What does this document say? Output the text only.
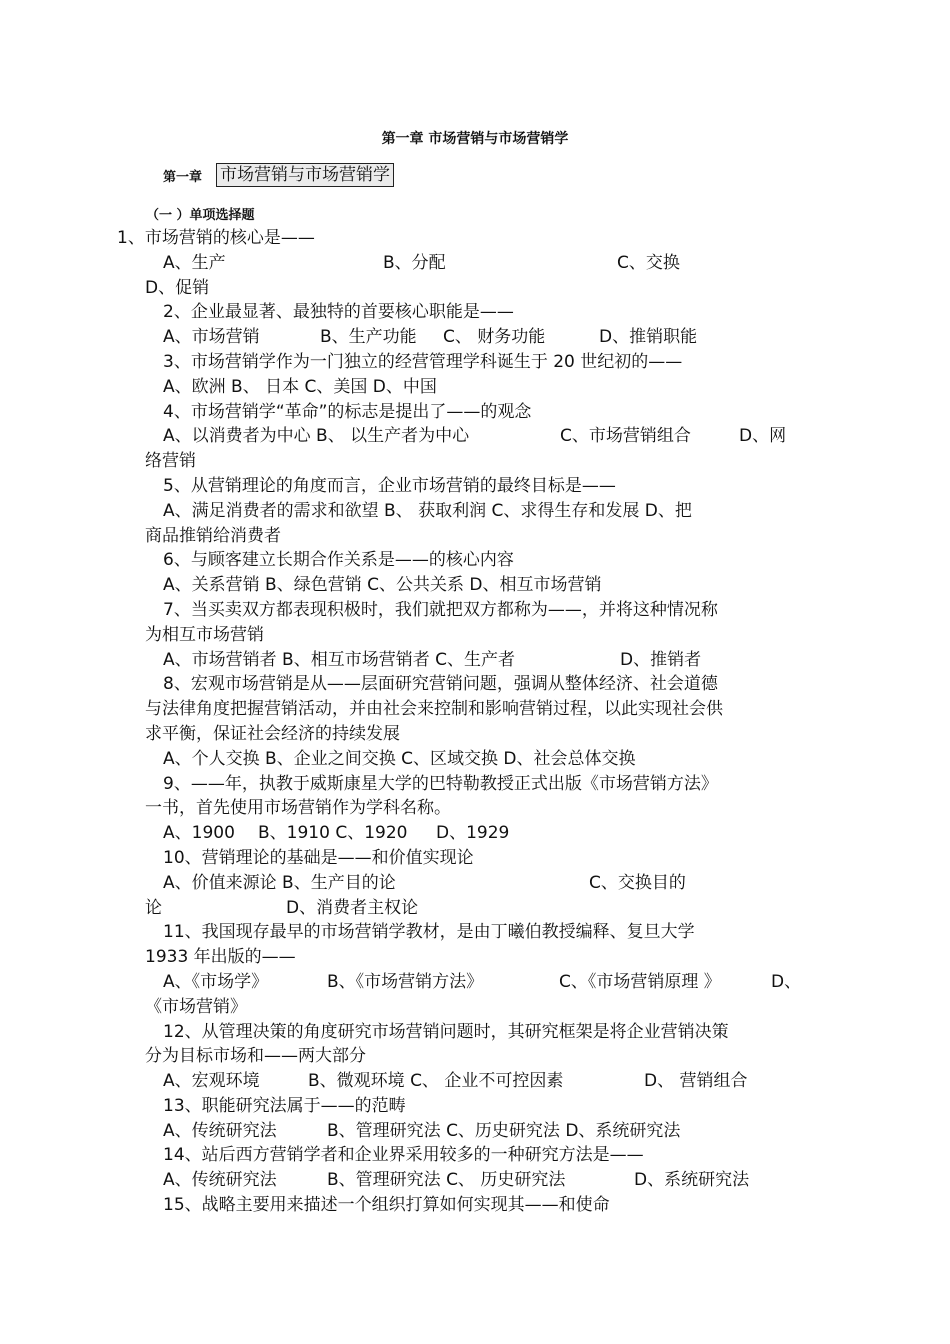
第一章 市场营销与市场营销学
第一章 市场营销与市场营销学
（一 ）单项选择题
1、市场营销的核心是——
A、生产	B、分配	C、交换
D、促销
2、企业最显著、最独特的首要核心职能是——
A、市场营销	B、生产功能 C、 财务功能	D、推销职能
3、市场营销学作为一门独立的经营管理学科诞生于 20 世纪初的——
A、欧洲 B、 日本 C、美国 D、中国
4、市场营销学“革命”的标志是提出了——的观念
A、以消费者为中心 B、 以生产者为中心	C、市场营销组合	D、网
络营销
5、从营销理论的角度而言，企业市场营销的最终目标是——
A、满足消费者的需求和欲望 B、 获取利润 C、求得生存和发展 D、把
商品推销给消费者
6、与顾客建立长期合作关系是——的核心内容
A、关系营销 B、绿色营销 C、公共关系 D、相互市场营销
7、当买卖双方都表现积极时，我们就把双方都称为——，并将这种情况称
为相互市场营销
A、市场营销者 B、相互市场营销者 C、生产者	D、推销者
8、宏观市场营销是从——层面研究营销问题，强调从整体经济、社会道德
与法律角度把握营销活动，并由社会来控制和影响营销过程，以此实现社会供
求平衡，保证社会经济的持续发展
A、个人交换 B、企业之间交换 C、区域交换 D、社会总体交换
9、——年，执教于威斯康星大学的巴特勒教授正式出版《市场营销方法》
一书，首先使用市场营销作为学科名称。
A、1900 B、1910 C、1920 D、1929
10、营销理论的基础是——和价值实现论
A、价值来源论 B、生产目的论	C、交换目的
论	D、消费者主权论
11、我国现存最早的市场营销学教材，是由丁曦伯教授编释、复旦大学
1933 年出版的——
A、《市场学》	B、《市场营销方法》	C、《市场营销原理 》	D、
《市场营销》
12、从管理决策的角度研究市场营销问题时，其研究框架是将企业营销决策
分为目标市场和——两大部分
A、宏观环境	B、微观环境 C、 企业不可控因素	D、 营销组合
13、职能研究法属于——的范畴
A、传统研究法	B、管理研究法 C、历史研究法 D、系统研究法
14、站后西方营销学者和企业界采用较多的一种研究方法是——
A、传统研究法	B、管理研究法 C、 历史研究法	D、系统研究法
15、战略主要用来描述一个组织打算如何实现其——和使命
